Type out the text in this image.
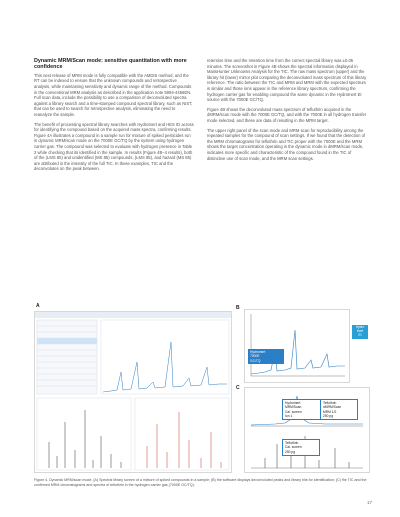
Dynamic MRM/Scan mode: sensitive quantitation with more confidence

This next release of MRM mode is fully compatible with the AMDIS method, and the RT can be indexed to ensure that the unknown compounds and retrospective analysis, while maintaining sensitivity and dynamic range of the method. Compounds in the conventional MRM analysis as described in the application note 5994-4456EN. Full scan data, include the possibility to use a comparison of deconvoluted spectra against a library search and a time-stamped compound spectral library, such as NIST, that can be used to search for retrospective analysis, eliminating the need to reanalyze the sample.

The benefit of processing spectral library searches with HydroInert and HES ID across for identifying the compound based on the acquired mass spectra, confirming results. Figure 4A illustrates a compound in a sample run for mixture of spiked pesticides run in dynamic MRM/scan mode on the 7000E GC/TQ by the system using hydrogen carrier gas. The compound was selected to evaluate with hydrogen presence in Table 2 while checking that its identified in the sample. In results (Figure 4B–4 results), both of the (LMS 85) and unidentified (MS 85) compounds, (LMS 85), and hazard (MS 85) are attributed in the intensity of the full TIC. In these examples, TIC and the deconvolutes on the peak between.

retention time and the retention time from the correct spectral library was ±0.05 minutes. The screenshot in Figure 4B shows the spectral information displayed in MassHunter Unknowns Analysis for the TIC. The raw mass spectrum (upper) and the library hit (lower) mirror plot comparing the deconvoluted mass spectrum of this library reference. The ratio between the TIC and MRM and MRM with the expected spectrum is similar and those ions appear in the reference library spectrum, confirming the hydrogen carrier gas for enabling compound the same dynamic in the HydroInert EI source with the 7000E GC/TQ.

Figure 4B shows the deconvoluted mass spectrum of tefluthrin acquired in the dMRM/scan mode with the 7000E GC/TQ, and with the 7000E in all hydrogen transfer mode selected, and these are data of resulting in the MRM target.

The upper right panel of the scan mode and MRM scan for reproducibility among the repeated samples for the compound of scan settings. If we found that the detection of the MRM chromatograms for tefluthrin and TIC proper with the 7000E and the MRM shows the target concentration operating in the dynamic mode in dMRM/scan mode, indicates more specific and characteristic of the compound found in the TIC of distinctive use of scan mode, and the MRM scan settings.

A	B
Hydro
Inert
EI
HydroInert
7000E
GC/TQ
C
HydroInert
MRM/Scan
Cal. screen
Ion 1
Tefluthrin
dMRM/Scan
MRM 1/2
250 pg
Tefluthrin
Cal. screen
250 pg
Figure 4. Dynamic MRM/scan mode. (A) Spectral library screen of a mixture of spiked compounds in a sample; (B) the software displays deconvoluted peaks and library hits for identification; (C) the TIC and the confirmed MRM chromatograms and spectra of tefluthrin in the hydrogen carrier gas (7000E GC/TQ).
17
